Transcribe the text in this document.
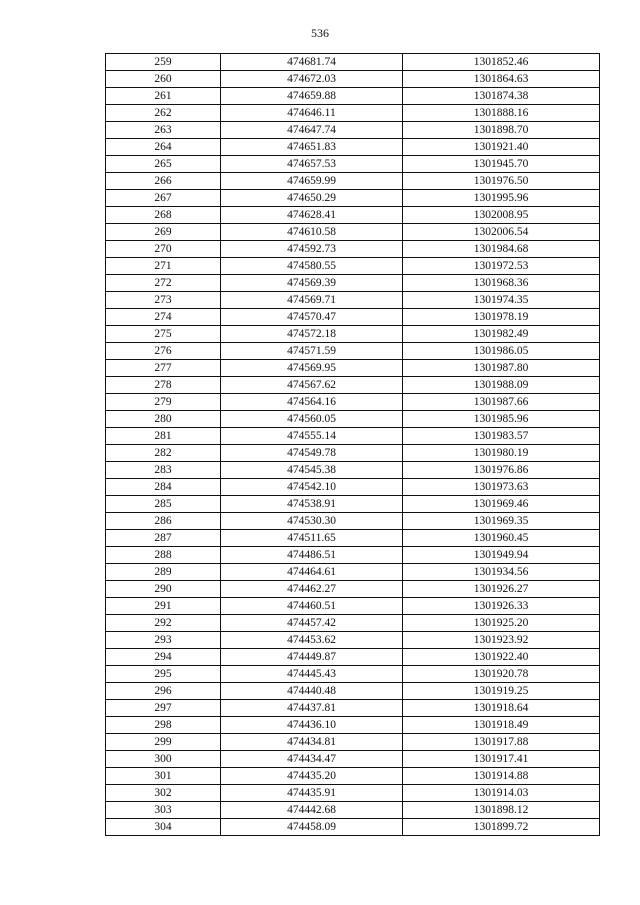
536
259	474681.74	1301852.46
260	474672.03	1301864.63
261	474659.88	1301874.38
262	474646.11	1301888.16
263	474647.74	1301898.70
264	474651.83	1301921.40
265	474657.53	1301945.70
266	474659.99	1301976.50
267	474650.29	1301995.96
268	474628.41	1302008.95
269	474610.58	1302006.54
270	474592.73	1301984.68
271	474580.55	1301972.53
272	474569.39	1301968.36
273	474569.71	1301974.35
274	474570.47	1301978.19
275	474572.18	1301982.49
276	474571.59	1301986.05
277	474569.95	1301987.80
278	474567.62	1301988.09
279	474564.16	1301987.66
280	474560.05	1301985.96
281	474555.14	1301983.57
282	474549.78	1301980.19
283	474545.38	1301976.86
284	474542.10	1301973.63
285	474538.91	1301969.46
286	474530.30	1301969.35
287	474511.65	1301960.45
288	474486.51	1301949.94
289	474464.61	1301934.56
290	474462.27	1301926.27
291	474460.51	1301926.33
292	474457.42	1301925.20
293	474453.62	1301923.92
294	474449.87	1301922.40
295	474445.43	1301920.78
296	474440.48	1301919.25
297	474437.81	1301918.64
298	474436.10	1301918.49
299	474434.81	1301917.88
300	474434.47	1301917.41
301	474435.20	1301914.88
302	474435.91	1301914.03
303	474442.68	1301898.12
304	474458.09	1301899.72
